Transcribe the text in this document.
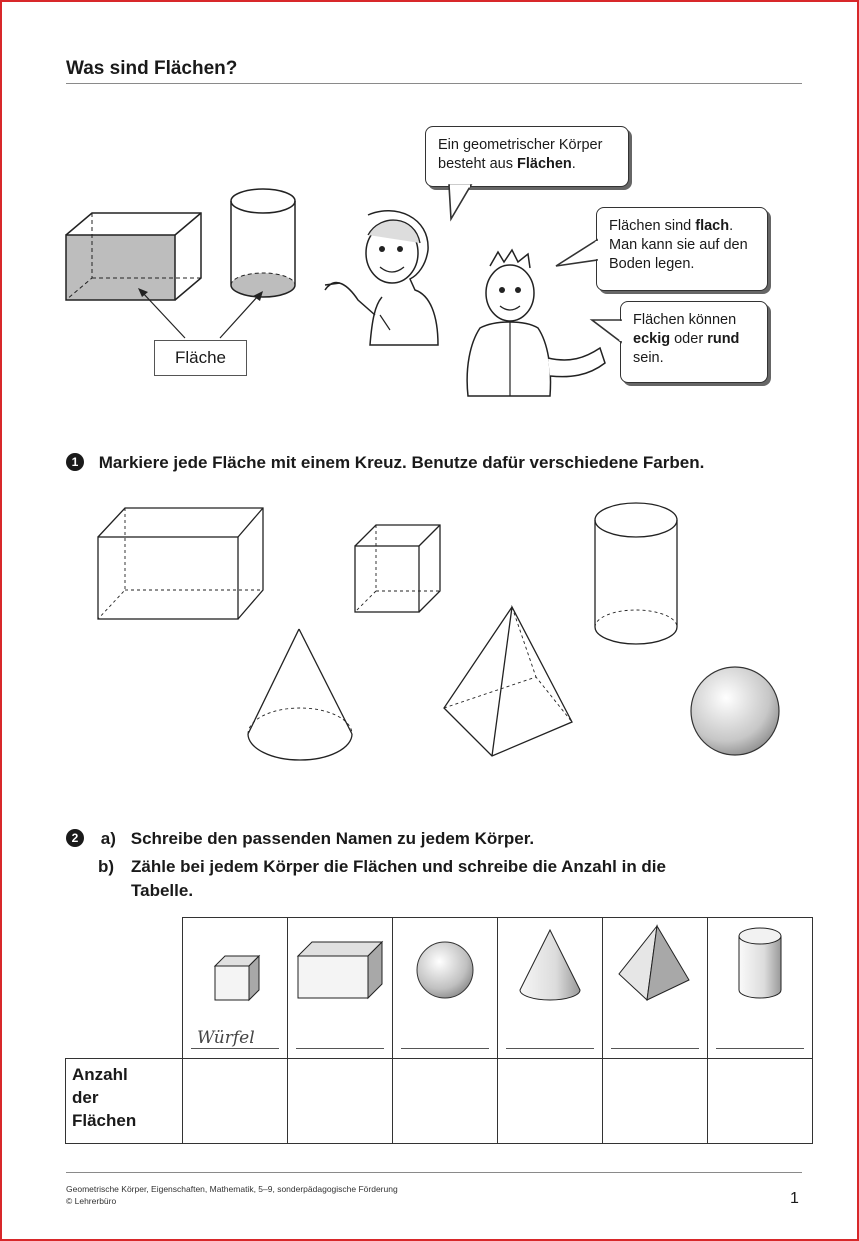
Was sind Flächen?
Fläche
Ein geometrischer Körper besteht aus Flächen.
Flächen sind flach. Man kann sie auf den Boden legen.
Flächen können eckig oder rund sein.
1 Markiere jede Fläche mit einem Kreuz. Benutze dafür verschiedene Farben.
2 a) Schreibe den passenden Namen zu jedem Körper.
b) Zähle bei jedem Körper die Flächen und schreibe die Anzahl in die Tabelle.

	Würfel

Anzahl
der
Flächen						

Geometrische Körper, Eigenschaften, Mathematik, 5–9, sonderpädagogische Förderung
© Lehrerbüro	1
